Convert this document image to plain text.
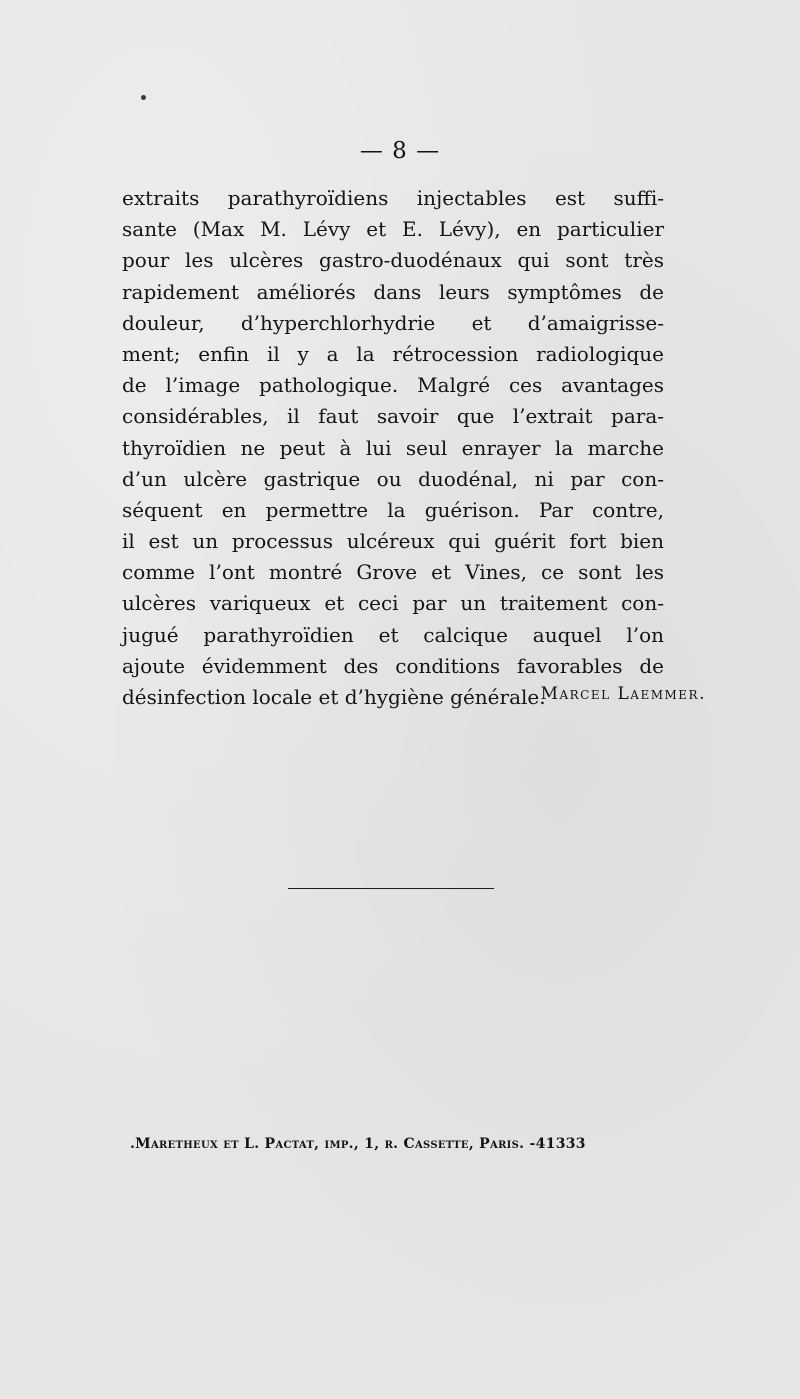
— 8 —
extraits parathyroïdiens injectables est suffi-
sante (Max M. Lévy et E. Lévy), en particulier
pour les ulcères gastro-duodénaux qui sont très
rapidement améliorés dans leurs symptômes de
douleur, d’hyperchlorhydrie et d’amaigrisse-
ment; enfin il y a la rétrocession radiologique
de l’image pathologique. Malgré ces avantages
considérables, il faut savoir que l’extrait para-
thyroïdien ne peut à lui seul enrayer la marche
d’un ulcère gastrique ou duodénal, ni par con-
séquent en permettre la guérison. Par contre,
il est un processus ulcéreux qui guérit fort bien
comme l’ont montré Grove et Vines, ce sont les
ulcères variqueux et ceci par un traitement con-
jugué parathyroïdien et calcique auquel l’on
ajoute évidemment des conditions favorables de
désinfection locale et d’hygiène générale.
Marcel Laemmer.
.Maretheux et L. Pactat, imp., 1, r. Cassette, Paris. -41333
